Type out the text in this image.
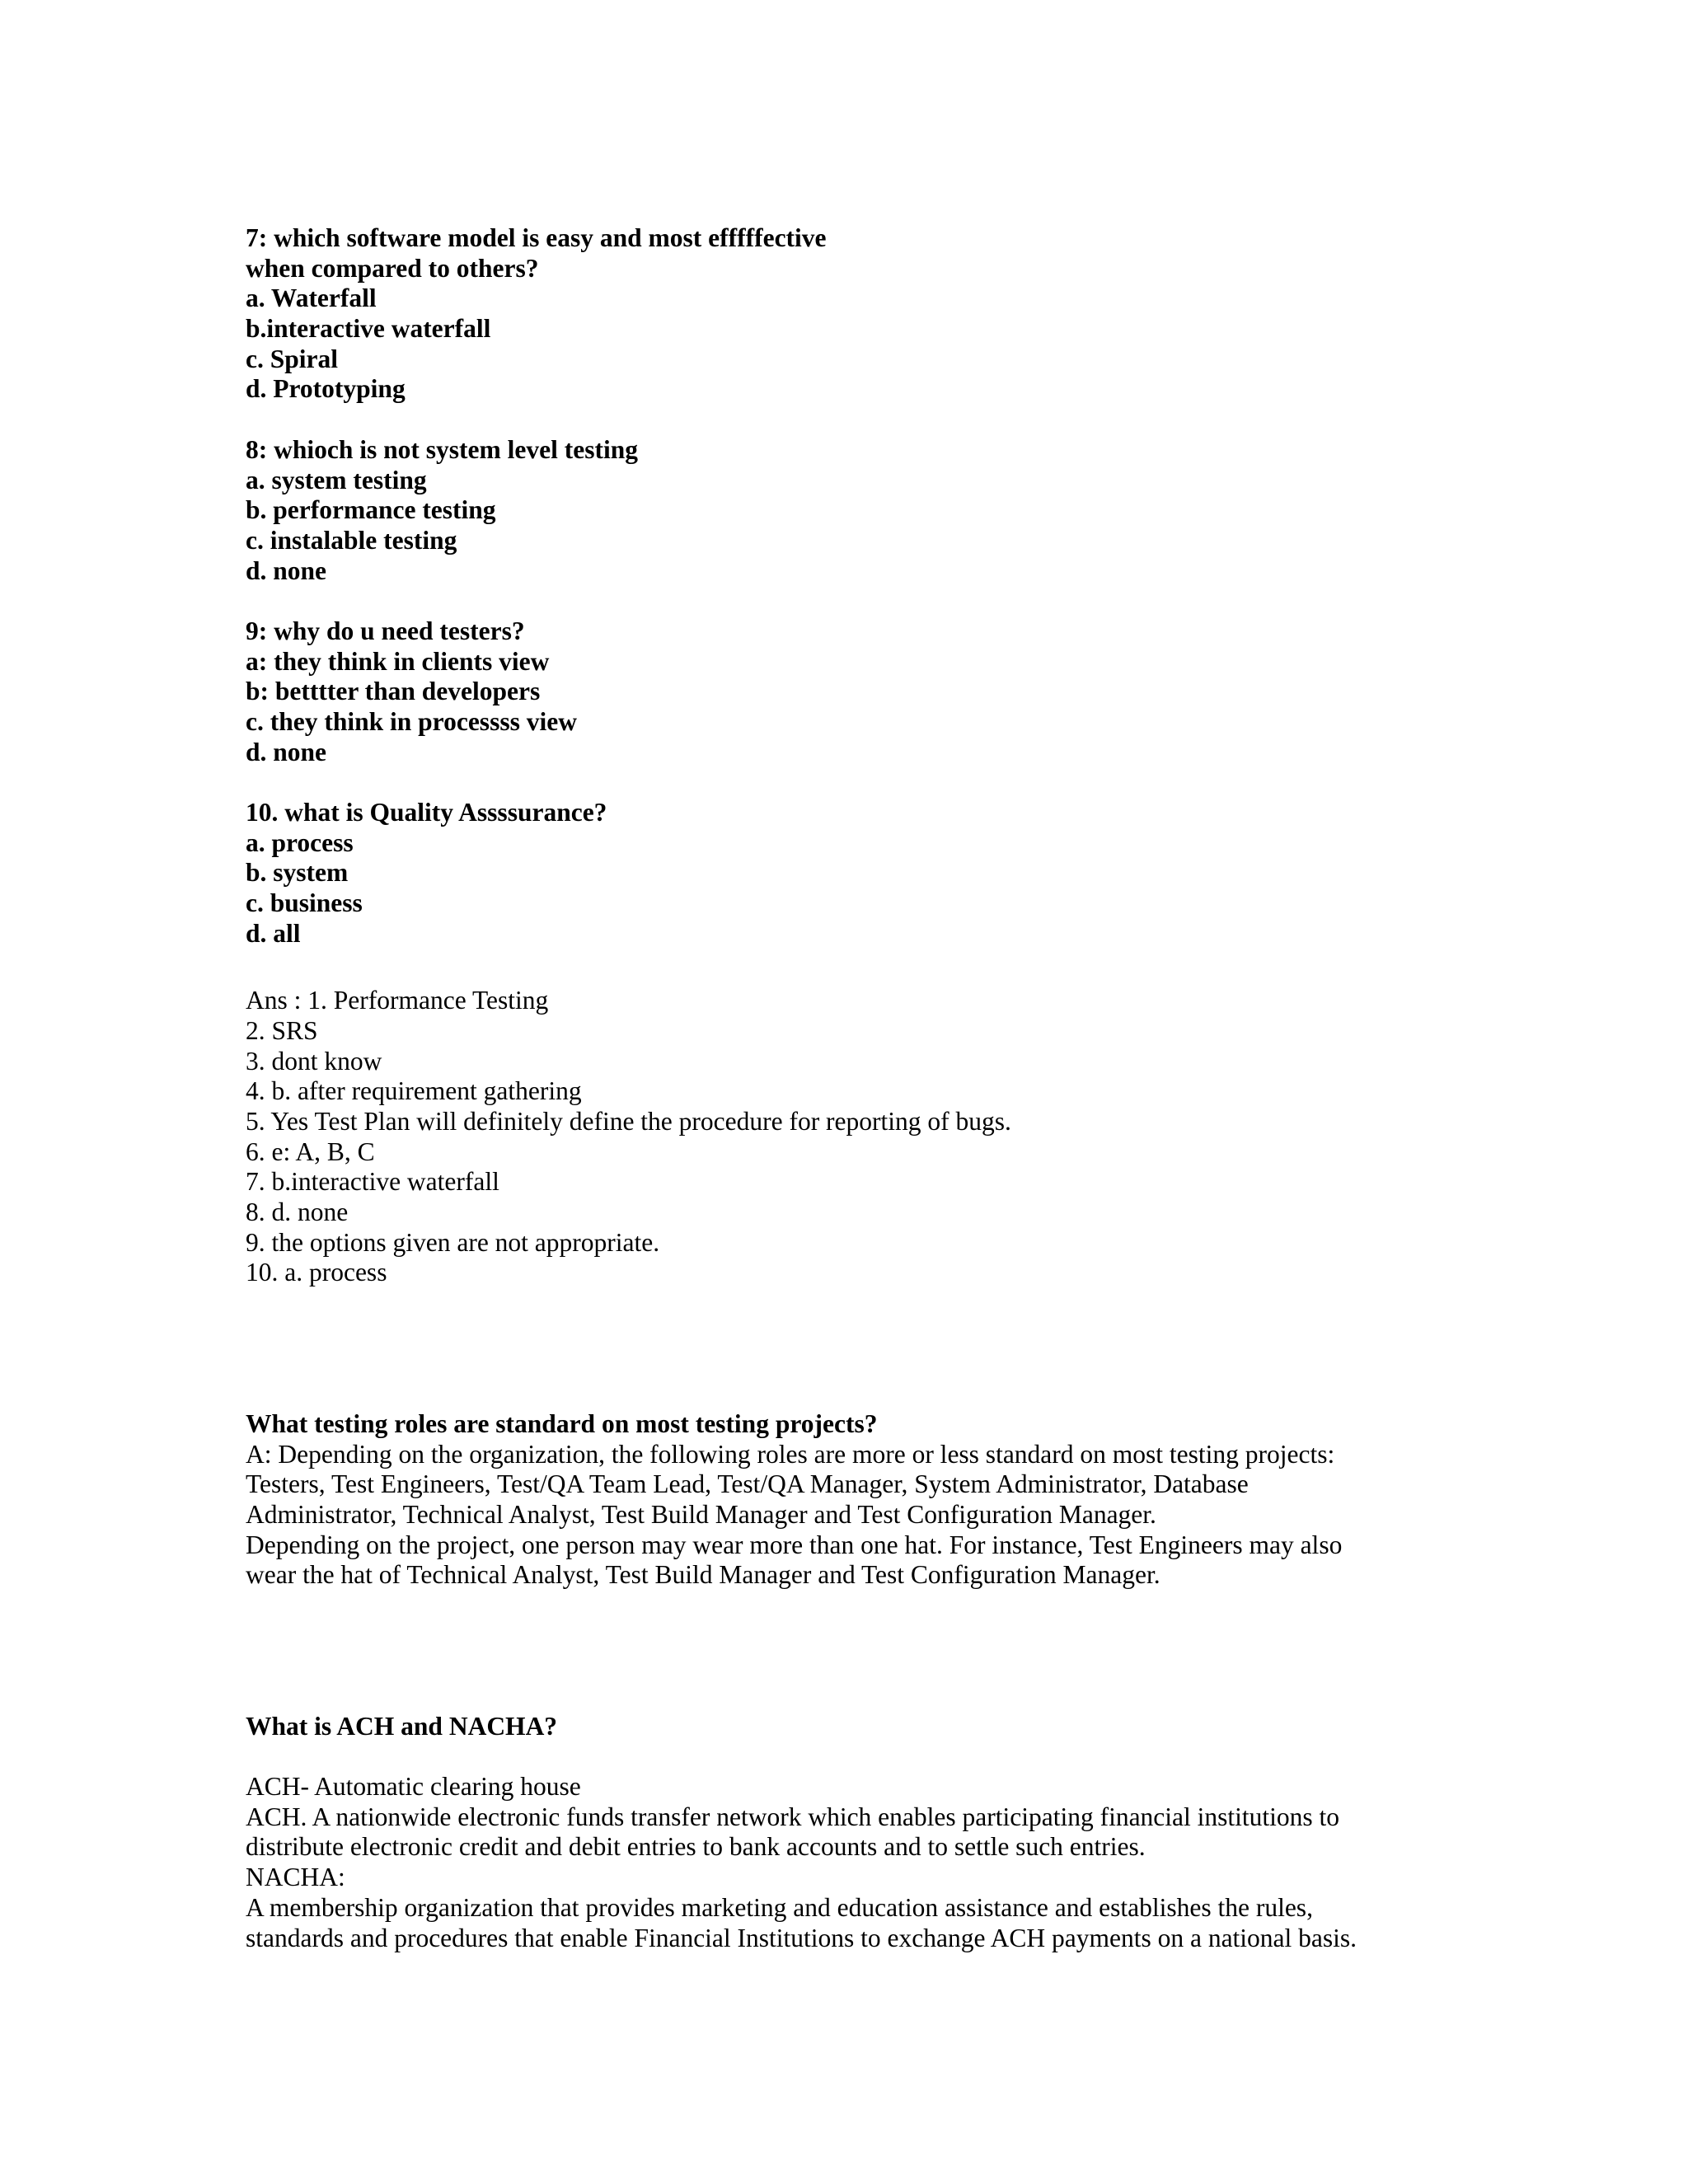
7: which software model is easy and most efffffective
when compared to others?
a. Waterfall
b.interactive waterfall
c. Spiral
d. Prototyping
8: whioch is not system level testing
a. system testing
b. performance testing
c. instalable testing
d. none
9: why do u need testers?
a: they think in clients view
b: betttter than developers
c. they think in processss view
d. none
10. what is Quality Assssurance?
a. process
b. system
c. business
d. all
Ans : 1. Performance Testing
2. SRS
3. dont know
4. b. after requirement gathering
5. Yes Test Plan will definitely define the procedure for reporting of bugs.
6. e: A, B, C
7. b.interactive waterfall
8. d. none
9. the options given are not appropriate.
10. a. process
What testing roles are standard on most testing projects?
A: Depending on the organization, the following roles are more or less standard on most testing projects:
Testers, Test Engineers, Test/QA Team Lead, Test/QA Manager, System Administrator, Database
Administrator, Technical Analyst, Test Build Manager and Test Configuration Manager.
Depending on the project, one person may wear more than one hat. For instance, Test Engineers may also
wear the hat of Technical Analyst, Test Build Manager and Test Configuration Manager.
What is ACH and NACHA?
ACH- Automatic clearing house
ACH. A nationwide electronic funds transfer network which enables participating financial institutions to
distribute electronic credit and debit entries to bank accounts and to settle such entries.
NACHA:
A membership organization that provides marketing and education assistance and establishes the rules,
standards and procedures that enable Financial Institutions to exchange ACH payments on a national basis.
